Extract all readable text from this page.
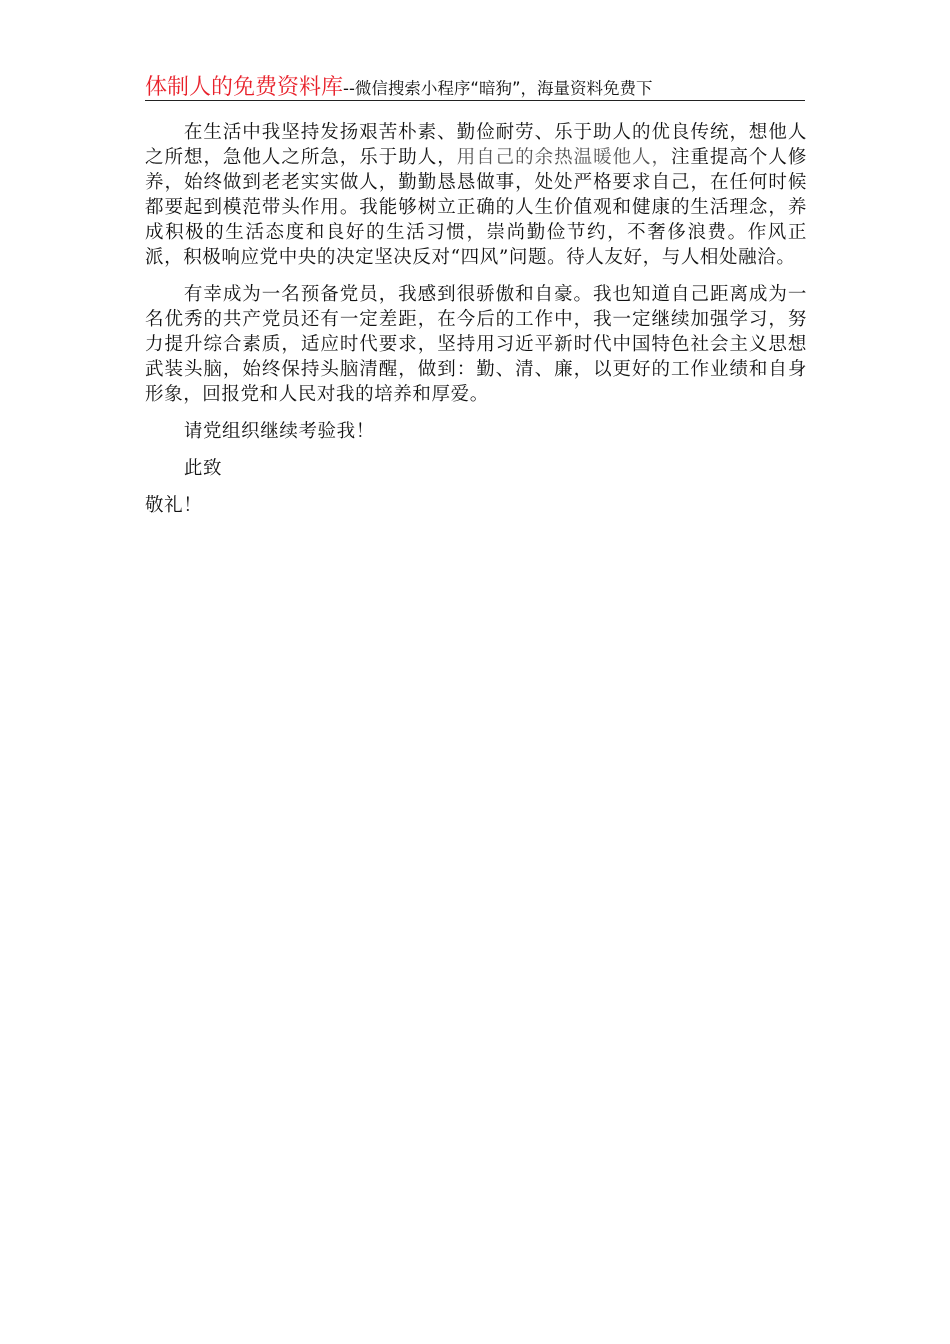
体制人的免费资料库--微信搜索小程序“暗狗”，海量资料免费下

在生活中我坚持发扬艰苦朴素、勤俭耐劳、乐于助人的优良传统，想他人之所想，急他人之所急，乐于助人，用自己的余热温暖他人，注重提高个人修养，始终做到老老实实做人，勤勤恳恳做事，处处严格要求自己，在任何时候都要起到模范带头作用。我能够树立正确的人生价值观和健康的生活理念，养成积极的生活态度和良好的生活习惯，崇尚勤俭节约，不奢侈浪费。作风正派，积极响应党中央的决定坚决反对“四风”问题。待人友好，与人相处融洽。

有幸成为一名预备党员，我感到很骄傲和自豪。我也知道自己距离成为一名优秀的共产党员还有一定差距，在今后的工作中，我一定继续加强学习，努力提升综合素质，适应时代要求，坚持用习近平新时代中国特色社会主义思想武装头脑，始终保持头脑清醒，做到：勤、清、廉，以更好的工作业绩和自身形象，回报党和人民对我的培养和厚爱。

请党组织继续考验我！

此致

敬礼！
